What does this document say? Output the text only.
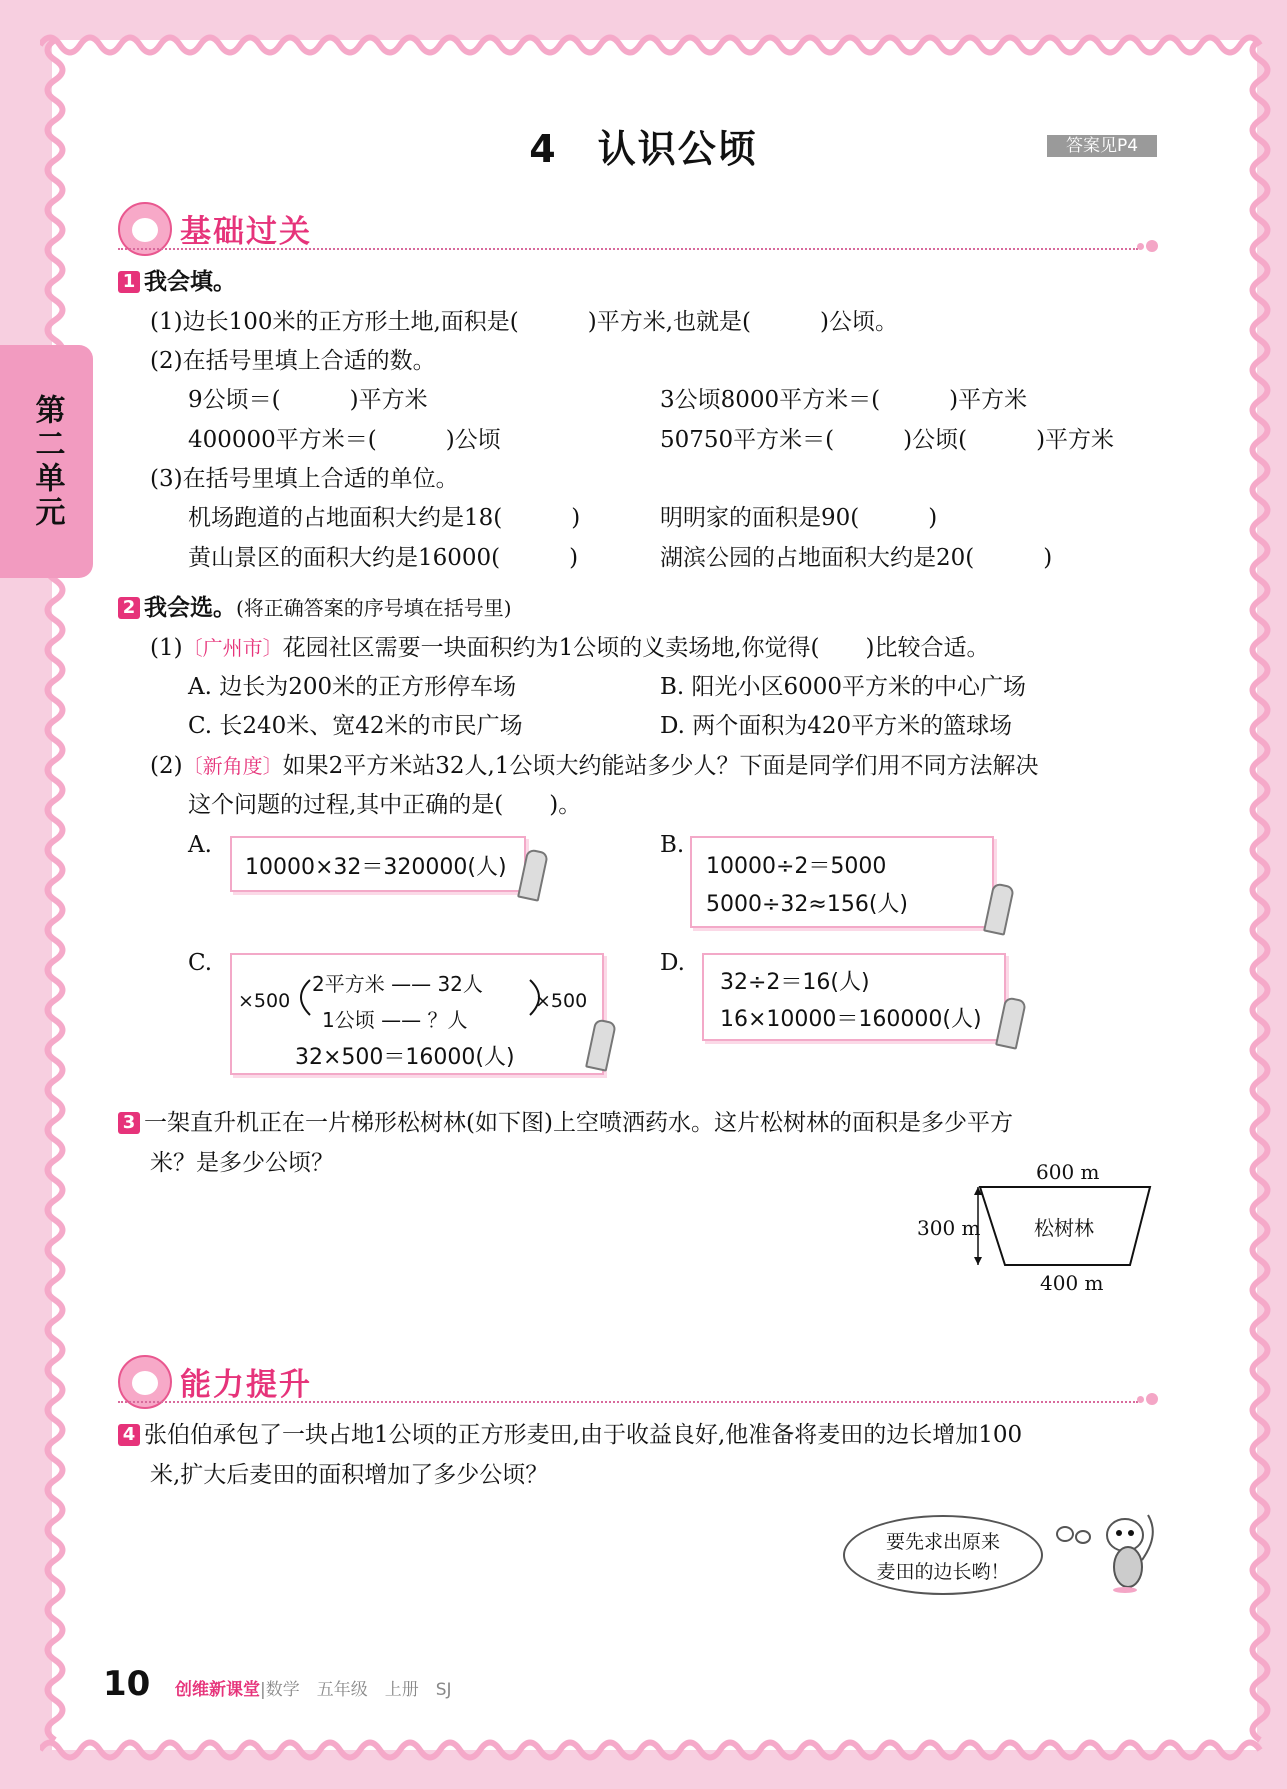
第二单元
4　认识公顷	答案见P4
基础过关
1 我会填。
(1)边长100米的正方形土地,面积是(　　　)平方米,也就是(　　　)公顷。
(2)在括号里填上合适的数。
9公顷＝(　　　)平方米	3公顷8000平方米＝(　　　)平方米
400000平方米＝(　　　)公顷	50750平方米＝(　　　)公顷(　　　)平方米
(3)在括号里填上合适的单位。
机场跑道的占地面积大约是18(　　　)	明明家的面积是90(　　　)
黄山景区的面积大约是16000(　　　)	湖滨公园的占地面积大约是20(　　　)
2 我会选。(将正确答案的序号填在括号里)
(1)〔广州市〕花园社区需要一块面积约为1公顷的义卖场地,你觉得(　　)比较合适。
A. 边长为200米的正方形停车场	B. 阳光小区6000平方米的中心广场
C. 长240米、宽42米的市民广场	D. 两个面积为420平方米的篮球场
(2)〔新角度〕如果2平方米站32人,1公顷大约能站多少人？下面是同学们用不同方法解决
这个问题的过程,其中正确的是(　　)。
A.
10000×32＝320000(人)
B.
10000÷2＝5000
5000÷32≈156(人)
C.
×500
2平方米 —— 32人
1公顷 —— ？人
×500
32×500＝16000(人)
D.
32÷2＝16(人)
16×10000＝160000(人)
3 一架直升机正在一片梯形松树林(如下图)上空喷洒药水。这片松树林的面积是多少平方
米？是多少公顷？	600 m
300 m	松树林
400 m
能力提升
4 张伯伯承包了一块占地1公顷的正方形麦田,由于收益良好,他准备将麦田的边长增加100
米,扩大后麦田的面积增加了多少公顷？
要先求出原来
麦田的边长哟！
10 创维新课堂|数学　五年级　上册　SJ
